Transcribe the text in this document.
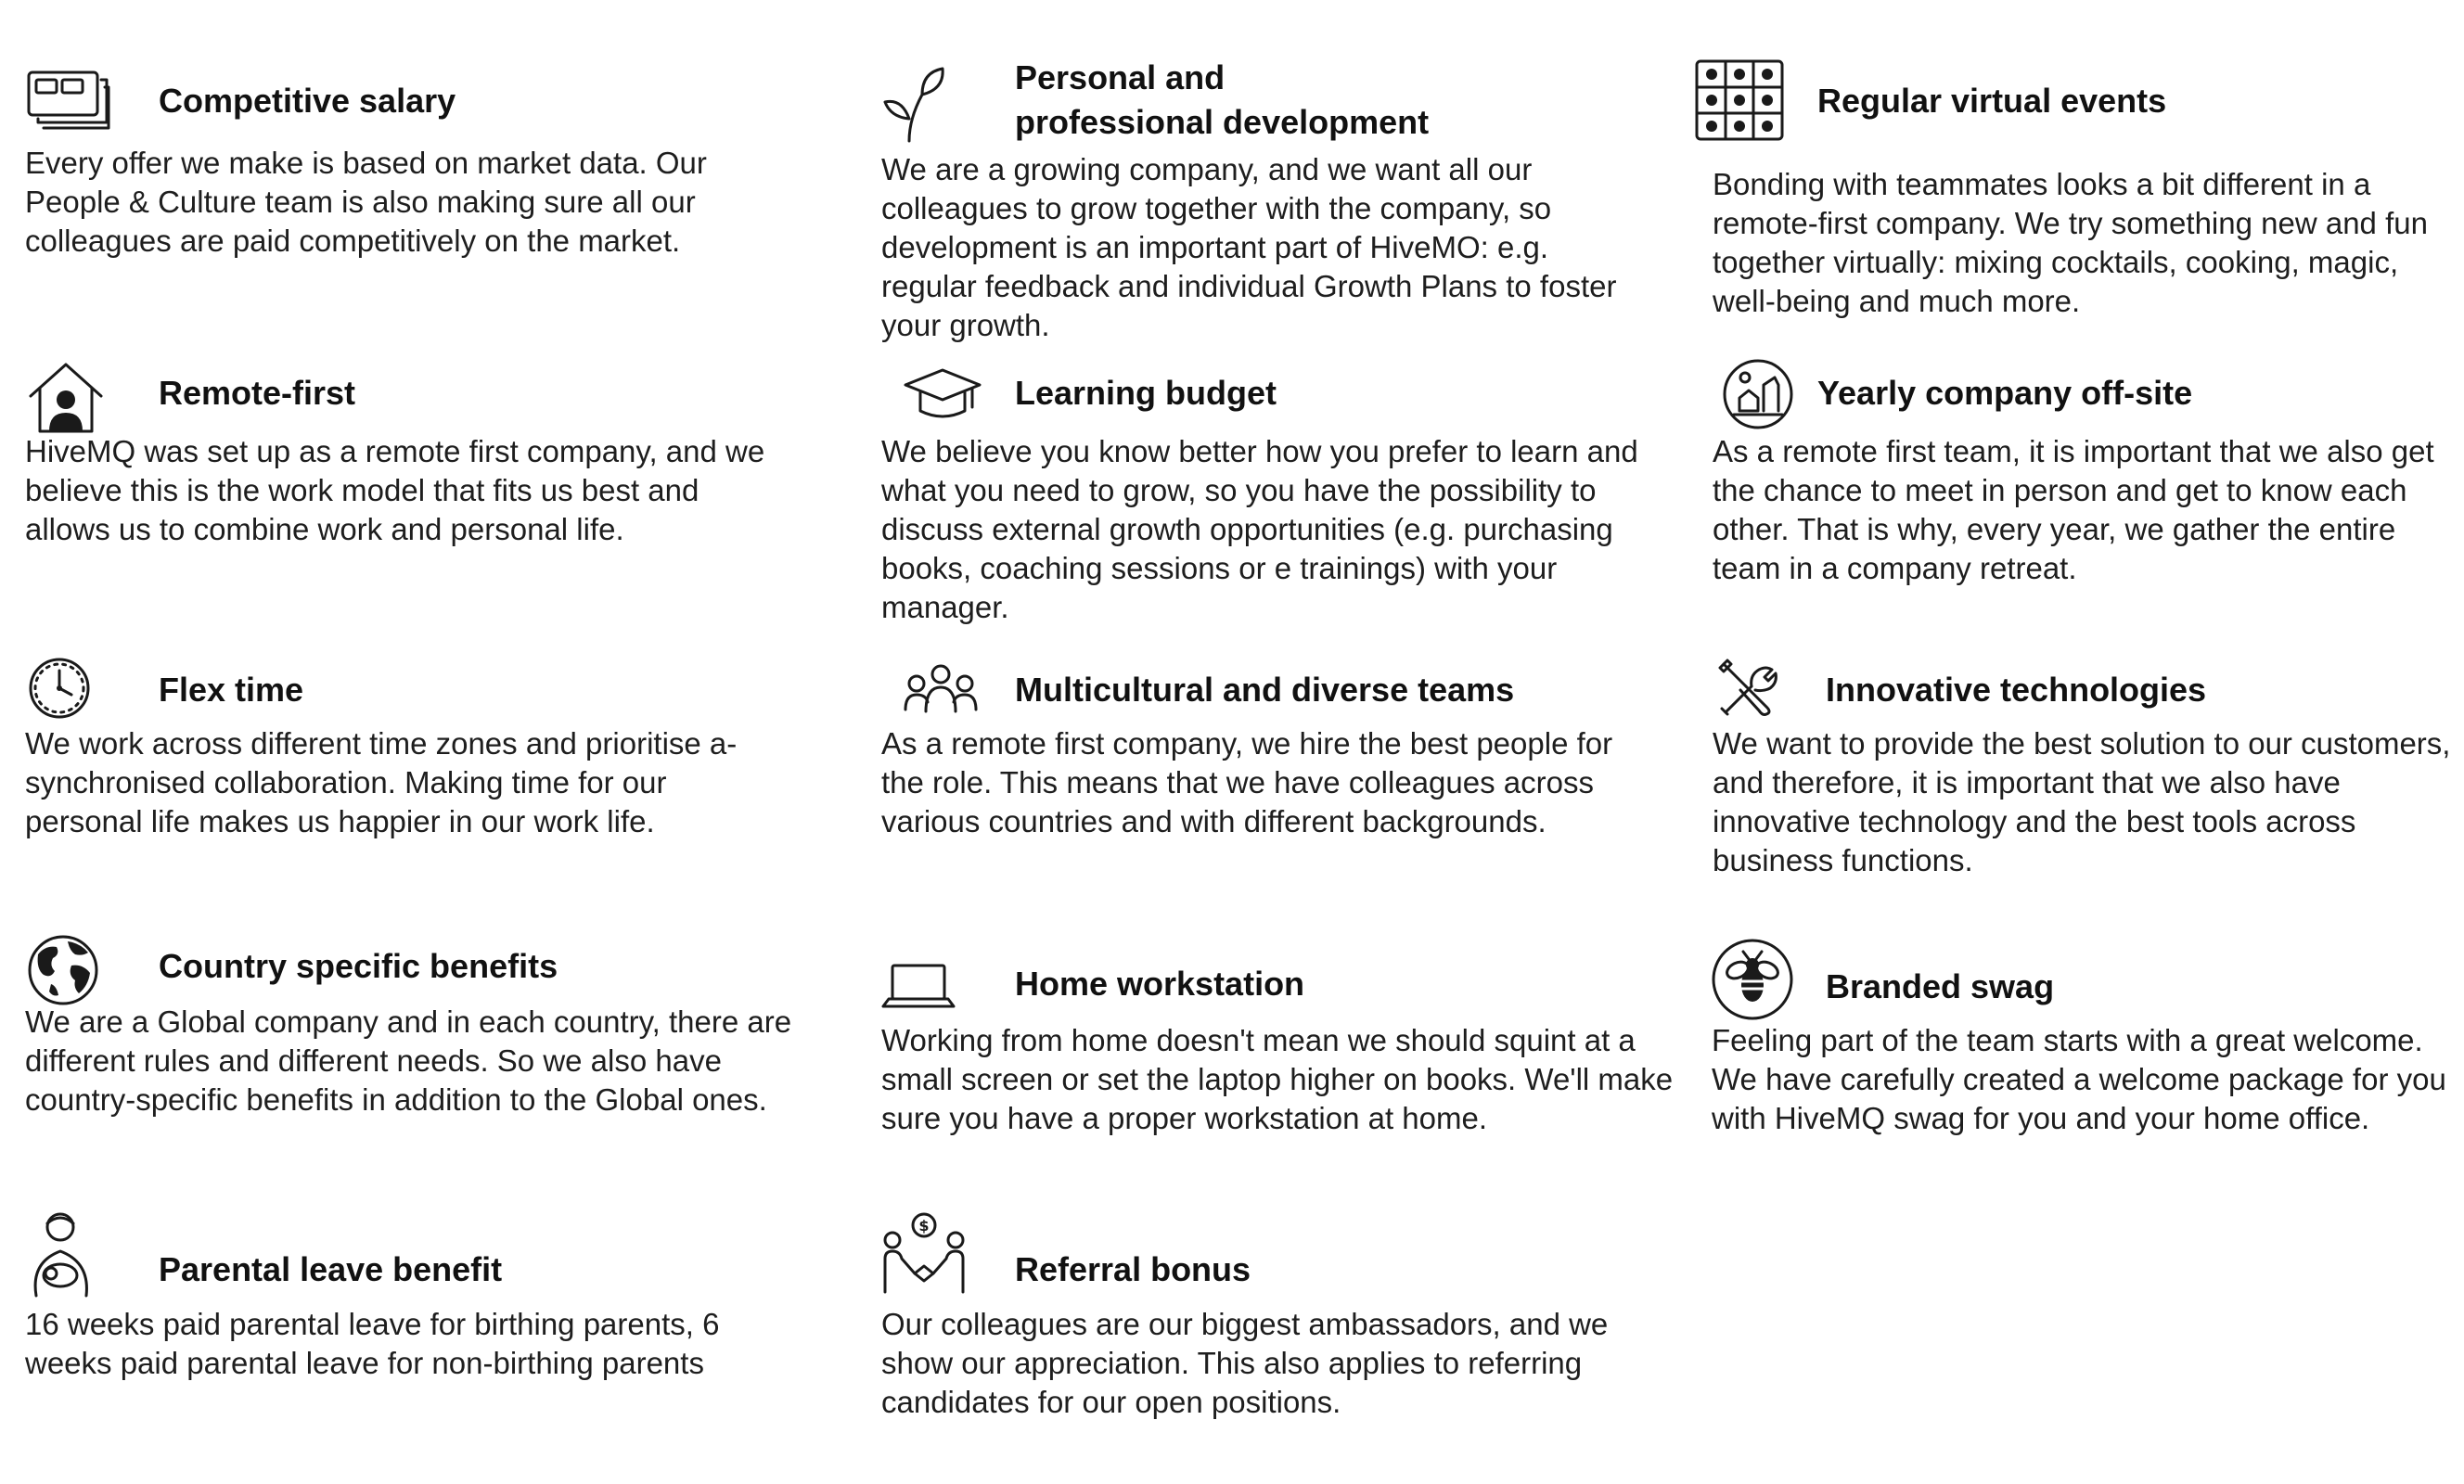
Competitive salary

Every offer we make is based on market data. Our People & Culture team is also making sure all our colleagues are paid competitively on the market.

Remote-first

HiveMQ was set up as a remote first company, and we believe this is the work model that fits us best and allows us to combine work and personal life.

Flex time

We work across different time zones and prioritise a-synchronised collaboration. Making time for our personal life makes us happier in our work life.

Country specific benefits

We are a Global company and in each country, there are different rules and different needs. So we also have country-specific benefits in addition to the Global ones.

Parental leave benefit

16 weeks paid parental leave for birthing parents, 6 weeks paid parental leave for non-birthing parents

Personal and
professional development

We are a growing company, and we want all our colleagues to grow together with the company, so development is an important part of HiveMO: e.g. regular feedback and individual Growth Plans to foster your growth.

Learning budget

We believe you know better how you prefer to learn and what you need to grow, so you have the possibility to discuss external growth opportunities (e.g. purchasing books, coaching sessions or e trainings) with your manager.

Multicultural and diverse teams

As a remote first company, we hire the best people for the role. This means that we have colleagues across various countries and with different backgrounds.

Home workstation

Working from home doesn't mean we should squint at a small screen or set the laptop higher on books. We'll make sure you have a proper workstation at home.

$
Referral bonus

Our colleagues are our biggest ambassadors, and we show our appreciation. This also applies to referring candidates for our open positions.

Regular virtual events

Bonding with teammates looks a bit different in a remote-first company. We try something new and fun together virtually: mixing cocktails, cooking, magic, well-being and much more.

Yearly company off-site

As a remote first team, it is important that we also get the chance to meet in person and get to know each other. That is why, every year, we gather the entire team in a company retreat.

Innovative technologies

We want to provide the best solution to our customers, and therefore, it is important that we also have innovative technology and the best tools across business functions.

Branded swag

Feeling part of the team starts with a great welcome. We have carefully created a welcome package for you with HiveMQ swag for you and your home office.
